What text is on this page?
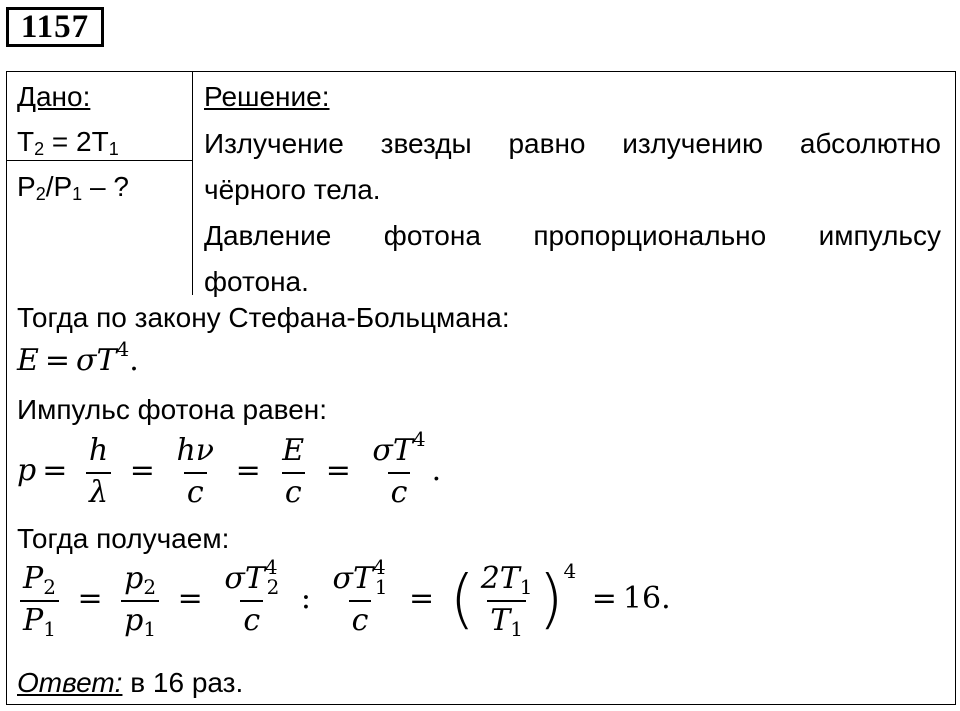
1157
Дано:
$T_2 = 2T_1$
$P_2/P_1$ – ?
Решение:
Излучение звезды равно излучению абсолютно
чёрного тела.
Давление фотона пропорционально импульсу
фотона.
Тогда по закону Стефана-Больцмана:
$E = \sigma T^4$.
Импульс фотона равен:
$p = \frac{h}{\lambda} = \frac{h\nu}{c} = \frac{E}{c} = \frac{\sigma T^4}{c}$ .
Тогда получаем:
$\frac{P_2}{P_1} = \frac{p_2}{p_1} = \frac{\sigma T^4_2}{c}$ : $\frac{\sigma T^4_1}{c}$ = ( $\frac{2T_1}{T_1} )^4 = 16$.
Ответ: в 16 раз.
